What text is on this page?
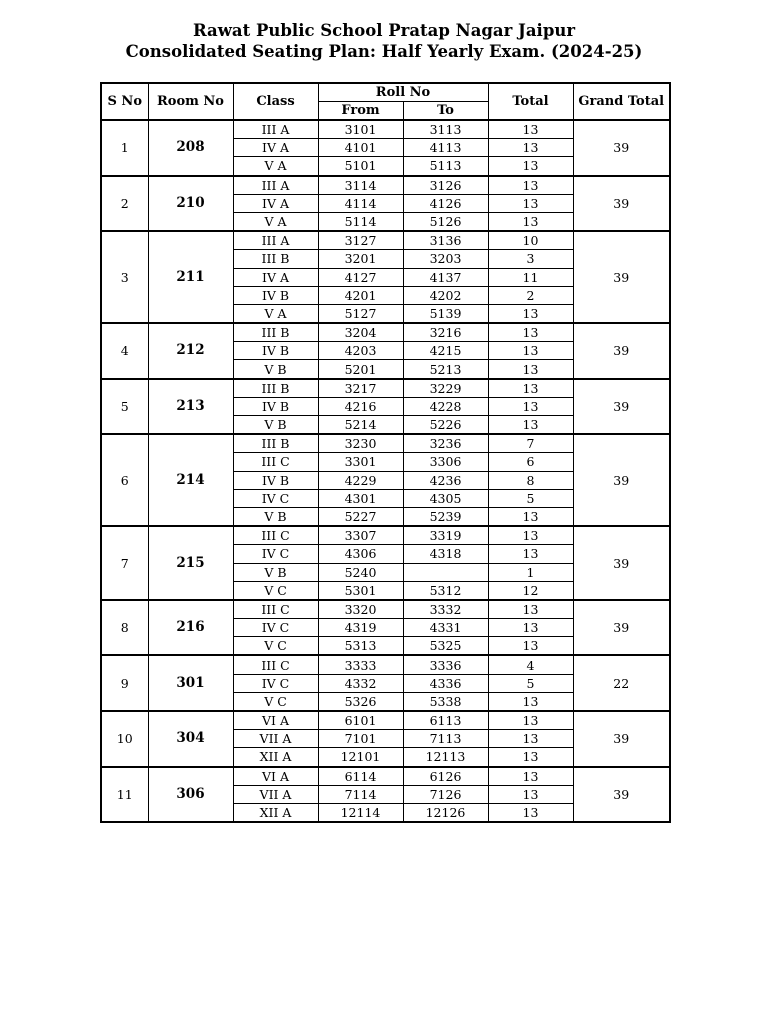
Rawat Public School Pratap Nagar Jaipur
Consolidated Seating Plan: Half Yearly Exam. (2024-25)
S No	Room No	Class	Roll No		Total	Grand Total
			From	To		
1	208	III A	3101	3113	13	39
		IV A	4101	4113	13	
		V A	5101	5113	13	
2	210	III A	3114	3126	13	39
		IV A	4114	4126	13	
		V A	5114	5126	13	
3	211	III A	3127	3136	10	39
		III B	3201	3203	3	
		IV A	4127	4137	11	
		IV B	4201	4202	2	
		V A	5127	5139	13	
4	212	III B	3204	3216	13	39
		IV B	4203	4215	13	
		V B	5201	5213	13	
5	213	III B	3217	3229	13	39
		IV B	4216	4228	13	
		V B	5214	5226	13	
6	214	III B	3230	3236	7	39
		III C	3301	3306	6	
		IV B	4229	4236	8	
		IV C	4301	4305	5	
		V B	5227	5239	13	
7	215	III C	3307	3319	13	39
		IV C	4306	4318	13	
		V B	5240		1	
		V C	5301	5312	12	
8	216	III C	3320	3332	13	39
		IV C	4319	4331	13	
		V C	5313	5325	13	
9	301	III C	3333	3336	4	22
		IV C	4332	4336	5	
		V C	5326	5338	13	
10	304	VI A	6101	6113	13	39
		VII A	7101	7113	13	
		XII A	12101	12113	13	
11	306	VI A	6114	6126	13	39
		VII A	7114	7126	13	
		XII A	12114	12126	13	
